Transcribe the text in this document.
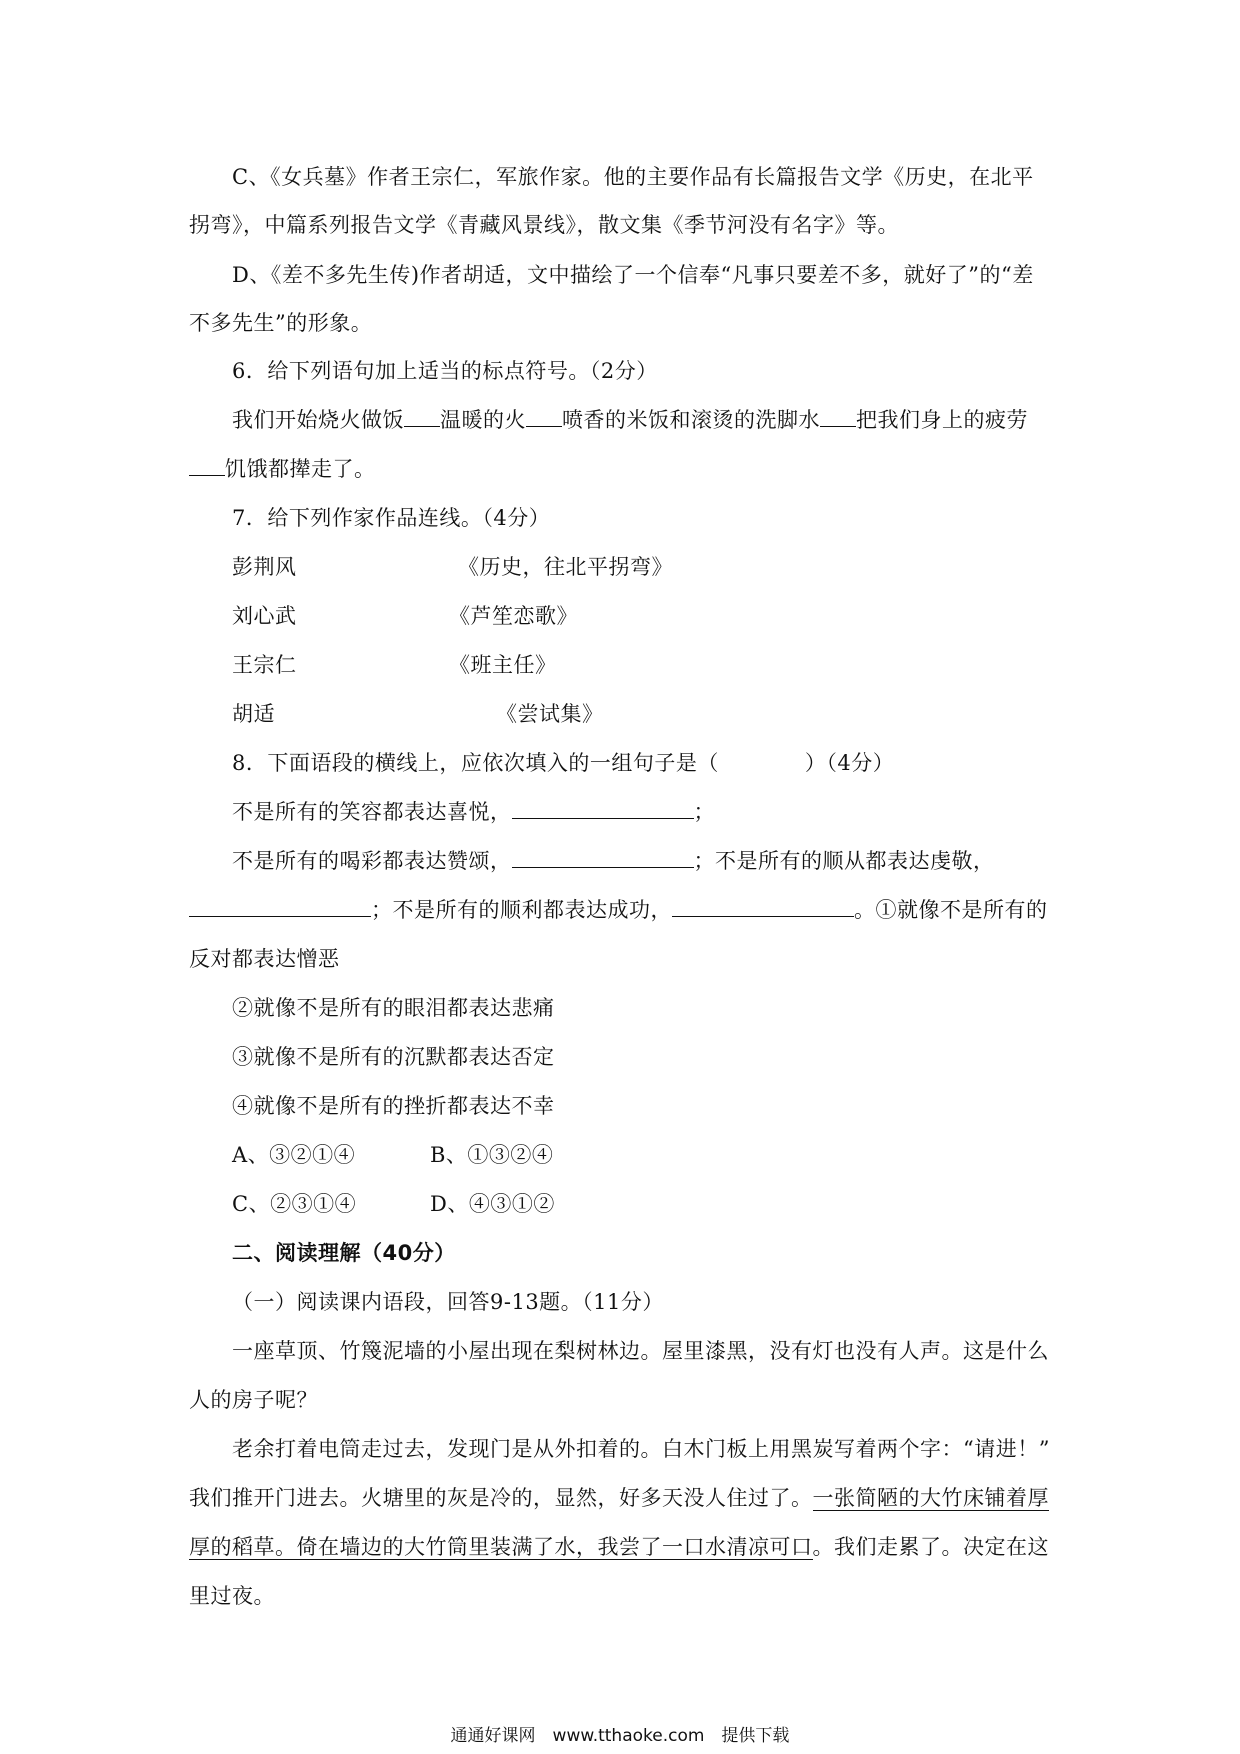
C、《女兵墓》作者王宗仁，军旅作家。他的主要作品有长篇报告文学《历史，在北平
拐弯》，中篇系列报告文学《青藏风景线》，散文集《季节河没有名字》等。
D、《差不多先生传)作者胡适，文中描绘了一个信奉“凡事只要差不多，就好了”的“差
不多先生”的形象。
6．给下列语句加上适当的标点符号。（2分）
我们开始烧火做饭 温暖的火 喷香的米饭和滚烫的洗脚水 把我们身上的疲劳
饥饿都撵走了。
7．给下列作家作品连线。（4分）
彭荆风	《历史，往北平拐弯》
刘心武	《芦笙恋歌》
王宗仁	《班主任》
胡适	《尝试集》
8．下面语段的横线上，应依次填入的一组句子是（　　　　）（4分）
不是所有的笑容都表达喜悦，	；
不是所有的喝彩都表达赞颂，	；不是所有的顺从都表达虔敬，
；不是所有的顺利都表达成功，	。①就像不是所有的
反对都表达憎恶
②就像不是所有的眼泪都表达悲痛
③就像不是所有的沉默都表达否定
④就像不是所有的挫折都表达不幸
A、③②①④	B、①③②④
C、②③①④	D、④③①②
二、阅读理解（40分）
（一）阅读课内语段，回答9-13题。（11分）
一座草顶、竹篾泥墙的小屋出现在梨树林边。屋里漆黑，没有灯也没有人声。这是什么
人的房子呢？
老余打着电筒走过去，发现门是从外扣着的。白木门板上用黑炭写着两个字：“请进！”
我们推开门进去。火塘里的灰是冷的，显然，好多天没人住过了。一张简陋的大竹床铺着厚
厚的稻草。倚在墙边的大竹筒里装满了水，我尝了一口水清凉可口。我们走累了。决定在这
里过夜。
通通好课网　www.tthaoke.com　提供下载
